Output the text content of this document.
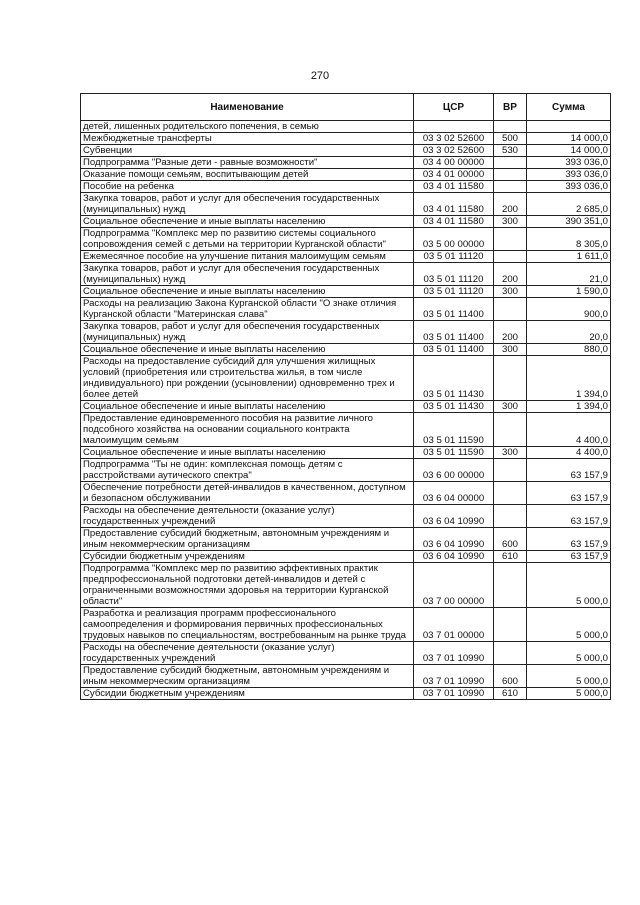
270
Наименование	ЦСР	ВР	Сумма
детей, лишенных родительского попечения, в семью			
Межбюджетные трансферты	03 3 02 52600	500	14 000,0
Субвенции	03 3 02 52600	530	14 000,0
Подпрограмма "Разные дети - равные возможности"	03 4 00 00000		393 036,0
Оказание помощи семьям, воспитывающим детей	03 4 01 00000		393 036,0
Пособие на ребенка	03 4 01 11580		393 036,0
Закупка товаров, работ и услуг для обеспечения государственных (муниципальных) нужд	03 4 01 11580	200	2 685,0
Социальное обеспечение и иные выплаты населению	03 4 01 11580	300	390 351,0
Подпрограмма "Комплекс мер по развитию системы социального сопровождения семей с детьми на территории Курганской области"	03 5 00 00000		8 305,0
Ежемесячное пособие на улучшение питания малоимущим семьям	03 5 01 11120		1 611,0
Закупка товаров, работ и услуг для обеспечения государственных (муниципальных) нужд	03 5 01 11120	200	21,0
Социальное обеспечение и иные выплаты населению	03 5 01 11120	300	1 590,0
Расходы на реализацию Закона Курганской области "О знаке отличия Курганской области "Материнская слава"	03 5 01 11400		900,0
Закупка товаров, работ и услуг для обеспечения государственных (муниципальных) нужд	03 5 01 11400	200	20,0
Социальное обеспечение и иные выплаты населению	03 5 01 11400	300	880,0
Расходы на предоставление субсидий для улучшения жилищных условий (приобретения или строительства жилья, в том числе индивидуального) при рождении (усыновлении) одновременно трех и более детей	03 5 01 11430		1 394,0
Социальное обеспечение и иные выплаты населению	03 5 01 11430	300	1 394,0
Предоставление единовременного пособия на развитие личного подсобного хозяйства на основании социального контракта малоимущим семьям	03 5 01 11590		4 400,0
Социальное обеспечение и иные выплаты населению	03 5 01 11590	300	4 400,0
Подпрограмма "Ты не один: комплексная помощь детям с расстройствами аутического спектра"	03 6 00 00000		63 157,9
Обеспечение потребности детей-инвалидов в качественном, доступном и безопасном обслуживании	03 6 04 00000		63 157,9
Расходы на обеспечение деятельности (оказание услуг) государственных учреждений	03 6 04 10990		63 157,9
Предоставление субсидий бюджетным, автономным учреждениям и иным некоммерческим организациям	03 6 04 10990	600	63 157,9
Субсидии бюджетным учреждениям	03 6 04 10990	610	63 157,9
Подпрограмма "Комплекс мер по развитию эффективных практик предпрофессиональной подготовки детей-инвалидов и детей с ограниченными возможностями здоровья на территории Курганской области"	03 7 00 00000		5 000,0
Разработка и реализация программ профессионального самоопределения и формирования первичных профессиональных трудовых навыков по специальностям, востребованным на рынке труда	03 7 01 00000		5 000,0
Расходы на обеспечение деятельности (оказание услуг) государственных учреждений	03 7 01 10990		5 000,0
Предоставление субсидий бюджетным, автономным учреждениям и иным некоммерческим организациям	03 7 01 10990	600	5 000,0
Субсидии бюджетным учреждениям	03 7 01 10990	610	5 000,0
